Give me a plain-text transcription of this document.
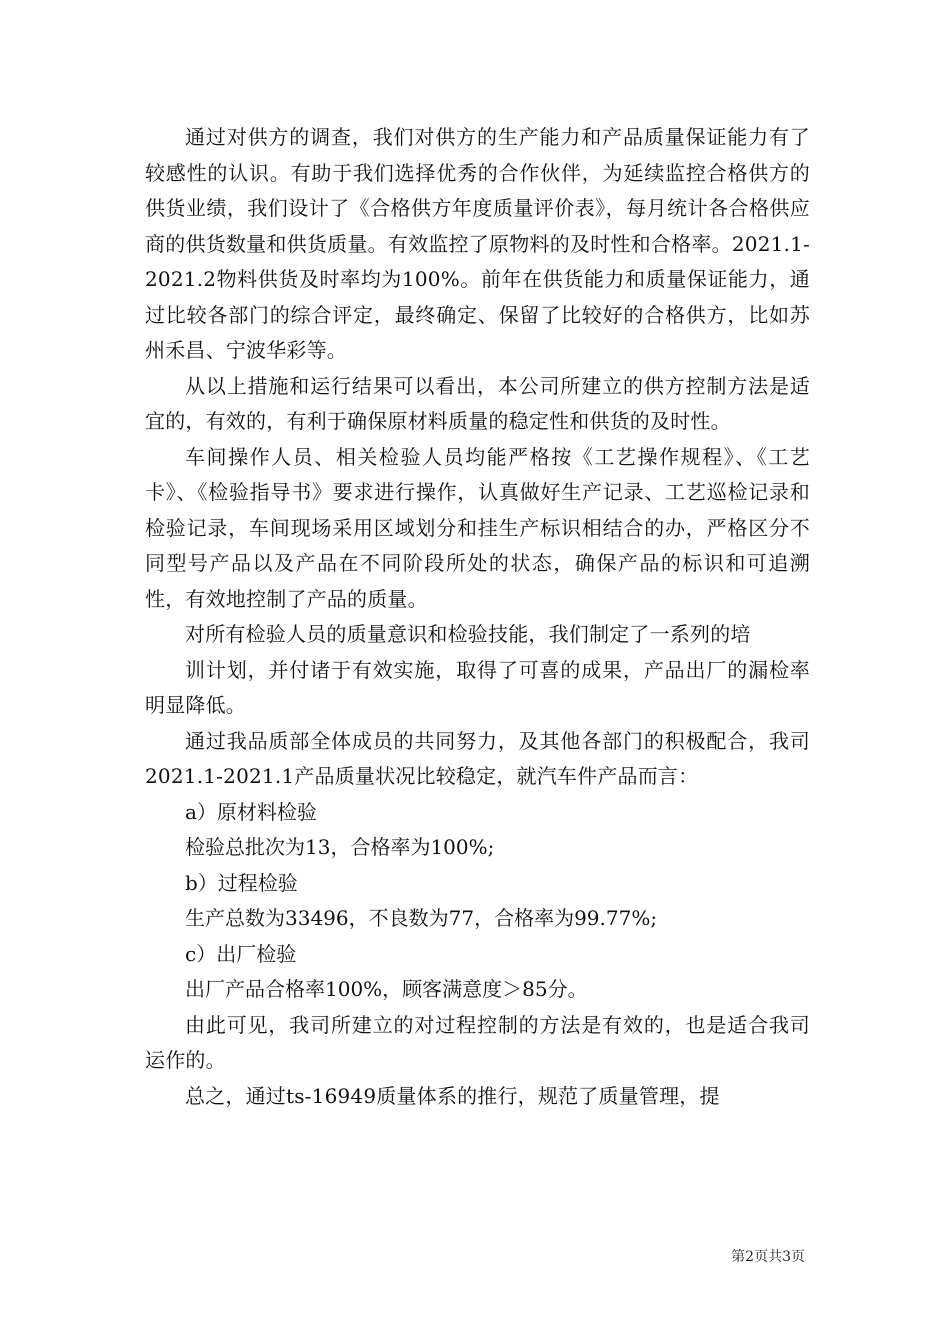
通过对供方的调查，我们对供方的生产能力和产品质量保证能力有了较感性的认识。有助于我们选择优秀的合作伙伴，为延续监控合格供方的供货业绩，我们设计了《合格供方年度质量评价表》，每月统计各合格供应商的供货数量和供货质量。有效监控了原物料的及时性和合格率。2021.1-2021.2物料供货及时率均为100%。前年在供货能力和质量保证能力，通过比较各部门的综合评定，最终确定、保留了比较好的合格供方，比如苏州禾昌、宁波华彩等。

从以上措施和运行结果可以看出，本公司所建立的供方控制方法是适宜的，有效的，有利于确保原材料质量的稳定性和供货的及时性。

车间操作人员、相关检验人员均能严格按《工艺操作规程》、《工艺卡》、《检验指导书》要求进行操作，认真做好生产记录、工艺巡检记录和检验记录，车间现场采用区域划分和挂生产标识相结合的办，严格区分不同型号产品以及产品在不同阶段所处的状态，确保产品的标识和可追溯性，有效地控制了产品的质量。

对所有检验人员的质量意识和检验技能，我们制定了一系列的培

训计划，并付诸于有效实施，取得了可喜的成果，产品出厂的漏检率明显降低。

通过我品质部全体成员的共同努力，及其他各部门的积极配合，我司2021.1-2021.1产品质量状况比较稳定，就汽车件产品而言：

a）原材料检验

检验总批次为13，合格率为100%;

b）过程检验

生产总数为33496，不良数为77，合格率为99.77%;

c）出厂检验

出厂产品合格率100%，顾客满意度＞85分。

由此可见，我司所建立的对过程控制的方法是有效的，也是适合我司运作的。

总之，通过ts-16949质量体系的推行，规范了质量管理，提

第2页共3页
